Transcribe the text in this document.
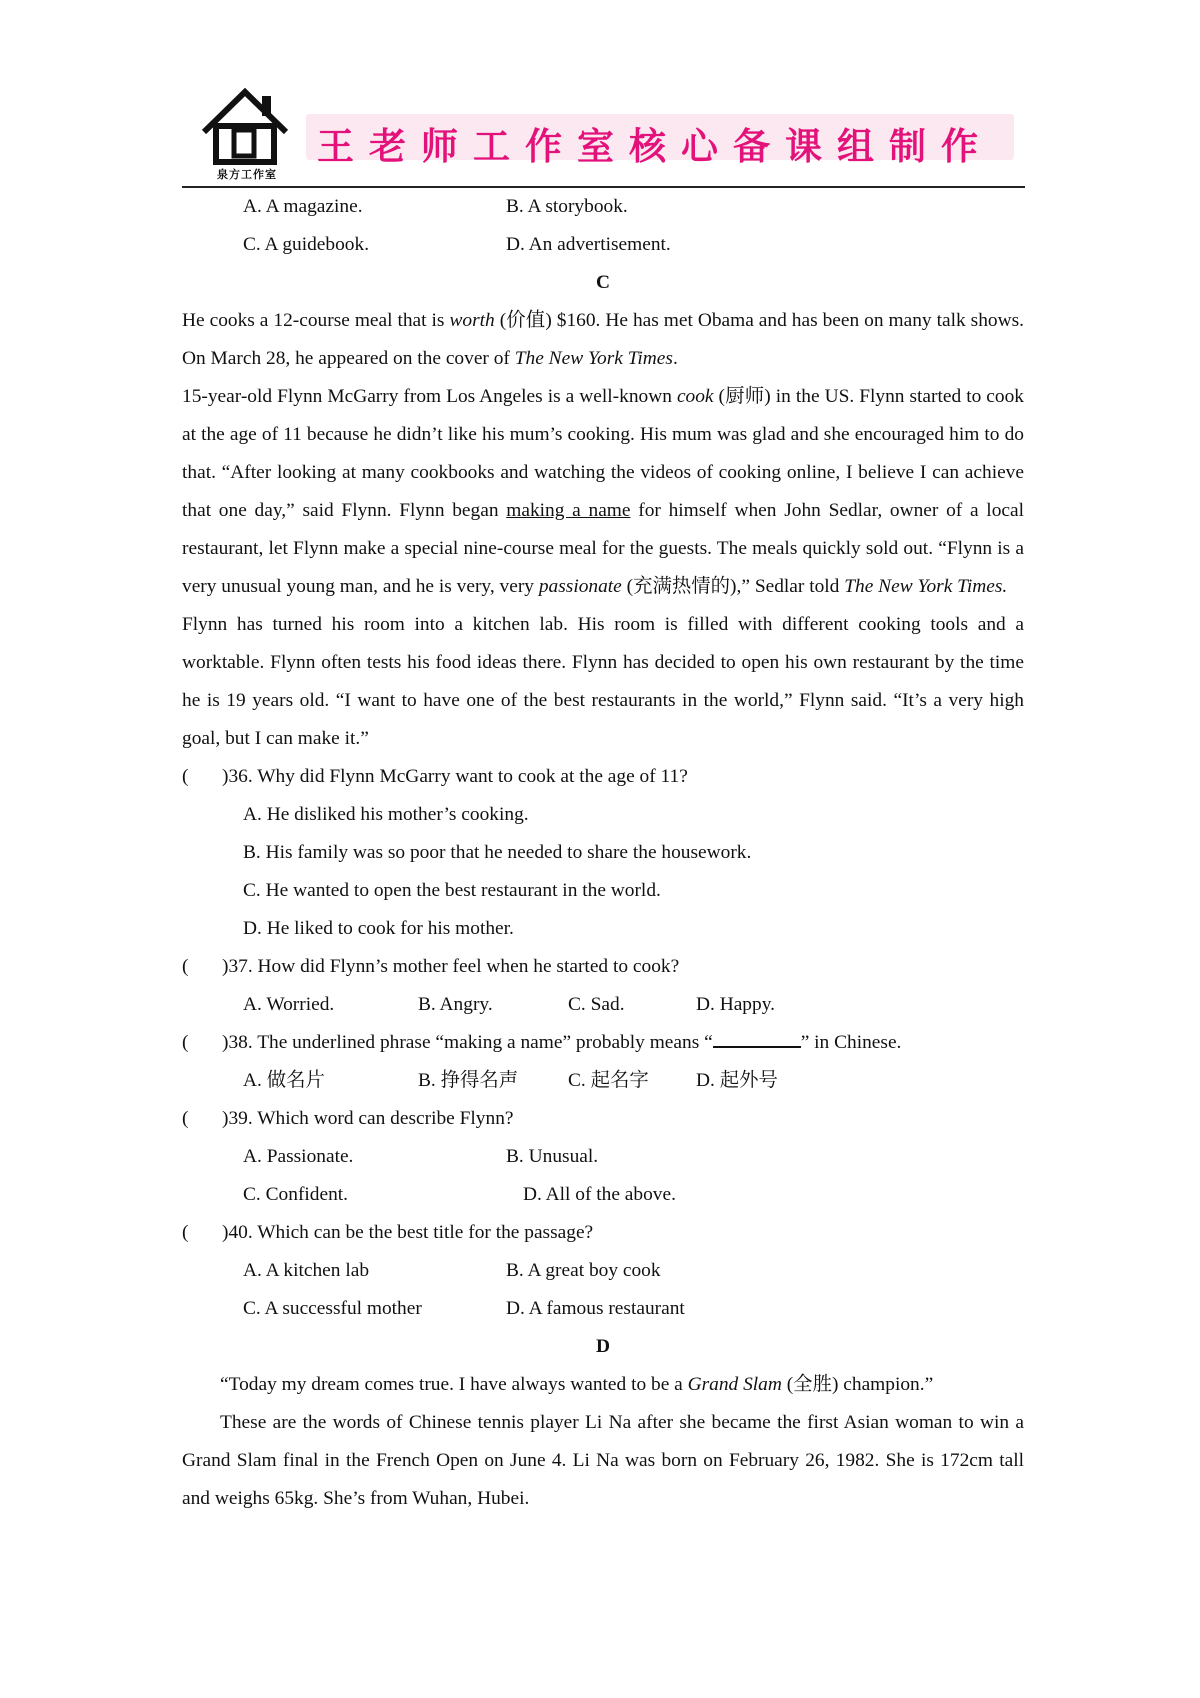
泉方工作室
王老师工作室核心备课组制作
A. A magazine.	B. A storybook.
C. A guidebook.	D. An advertisement.
C
He cooks a 12-course meal that is worth (价值) $160. He has met Obama and has been on many talk shows. On March 28, he appeared on the cover of The New York Times.
15-year-old Flynn McGarry from Los Angeles is a well-known cook (厨师) in the US. Flynn started to cook at the age of 11 because he didn’t like his mum’s cooking. His mum was glad and she encouraged him to do that. “After looking at many cookbooks and watching the videos of cooking online, I believe I can achieve that one day,” said Flynn. Flynn began making a name for himself when John Sedlar, owner of a local restaurant, let Flynn make a special nine-course meal for the guests. The meals quickly sold out. “Flynn is a very unusual young man, and he is very, very passionate (充满热情的),” Sedlar told The New York Times.
Flynn has turned his room into a kitchen lab. His room is filled with different cooking tools and a worktable. Flynn often tests his food ideas there. Flynn has decided to open his own restaurant by the time he is 19 years old. “I want to have one of the best restaurants in the world,” Flynn said. “It’s a very high goal, but I can make it.”
( )36. Why did Flynn McGarry want to cook at the age of 11?
A. He disliked his mother’s cooking.
B. His family was so poor that he needed to share the housework.
C. He wanted to open the best restaurant in the world.
D. He liked to cook for his mother.
( )37. How did Flynn’s mother feel when he started to cook?
A. Worried.	B. Angry.	C. Sad.	D. Happy.
( )38. The underlined phrase “making a name” probably means “	” in Chinese.
A. 做名片	B. 挣得名声	C. 起名字 D. 起外号
( )39. Which word can describe Flynn?
A. Passionate.	B. Unusual.
C. Confident.	D. All of the above.
( )40. Which can be the best title for the passage?
A. A kitchen lab	B. A great boy cook
C. A successful mother	D. A famous restaurant
D
“Today my dream comes true. I have always wanted to be a Grand Slam (全胜) champion.”
These are the words of Chinese tennis player Li Na after she became the first Asian woman to win a Grand Slam final in the French Open on June 4. Li Na was born on February 26, 1982. She is 172cm tall and weighs 65kg. She’s from Wuhan, Hubei.
